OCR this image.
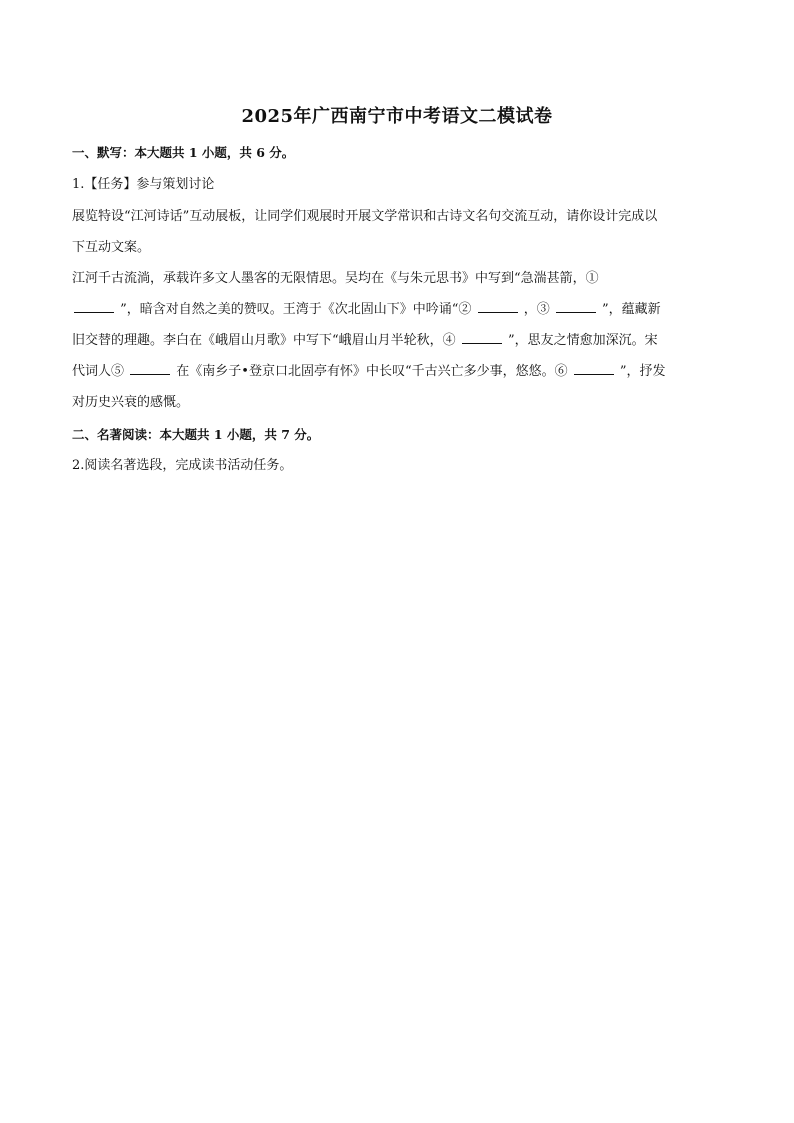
2025年广西南宁市中考语文二模试卷
一、默写：本大题共 1 小题，共 6 分。
1.【任务】参与策划讨论
展览特设“江河诗话”互动展板，让同学们观展时开展文学常识和古诗文名句交流互动，请你设计完成以
下互动文案。
江河千古流淌，承载许多文人墨客的无限情思。吴均在《与朱元思书》中写到“急湍甚箭，①
”，暗含对自然之美的赞叹。王湾于《次北固山下》中吟诵“②	，③	”，蕴藏新
旧交替的理趣。李白在《峨眉山月歌》中写下“峨眉山月半轮秋，④	”，思友之情愈加深沉。宋
代词人⑤	在《南乡子•登京口北固亭有怀》中长叹“千古兴亡多少事，悠悠。⑥	”，抒发
对历史兴衰的感慨。
二、名著阅读：本大题共 1 小题，共 7 分。
2.阅读名著选段，完成读书活动任务。
